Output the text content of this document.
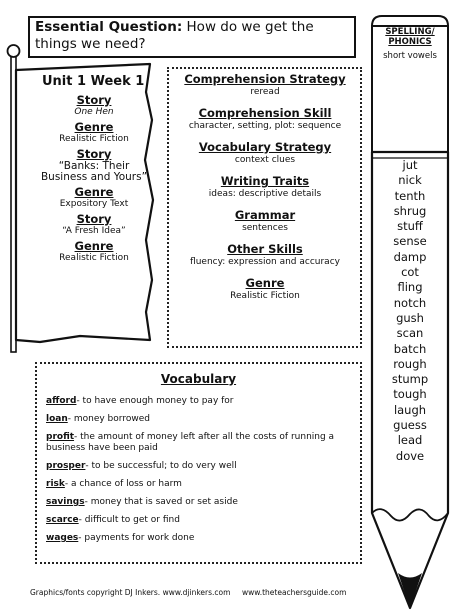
Essential Question: How do we get the things we need?
Unit 1 Week 1
Story
One Hen
Genre
Realistic Fiction
Story
“Banks: Their Business and Yours”
Genre
Expository Text
Story
“A Fresh Idea”
Genre
Realistic Fiction
Comprehension Strategy
reread
Comprehension Skill
character, setting, plot: sequence
Vocabulary Strategy
context clues
Writing Traits
ideas: descriptive details
Grammar
sentences
Other Skills
fluency: expression and accuracy
Genre
Realistic Fiction
Vocabulary
afford- to have enough money to pay for
loan- money borrowed
profit- the amount of money left after all the costs of running a business have been paid
prosper- to be successful; to do very well
risk- a chance of loss or harm
savings- money that is saved or set aside
scarce- difficult to get or find
wages- payments for work done
SPELLING/
PHONICS
short vowels
jut
nick
tenth
shrug
stuff
sense
damp
cot
fling
notch
gush
scan
batch
rough
stump
tough
laugh
guess
lead
dove
Graphics/fonts copyright DJ Inkers. www.djinkers.com www.theteachersguide.com
